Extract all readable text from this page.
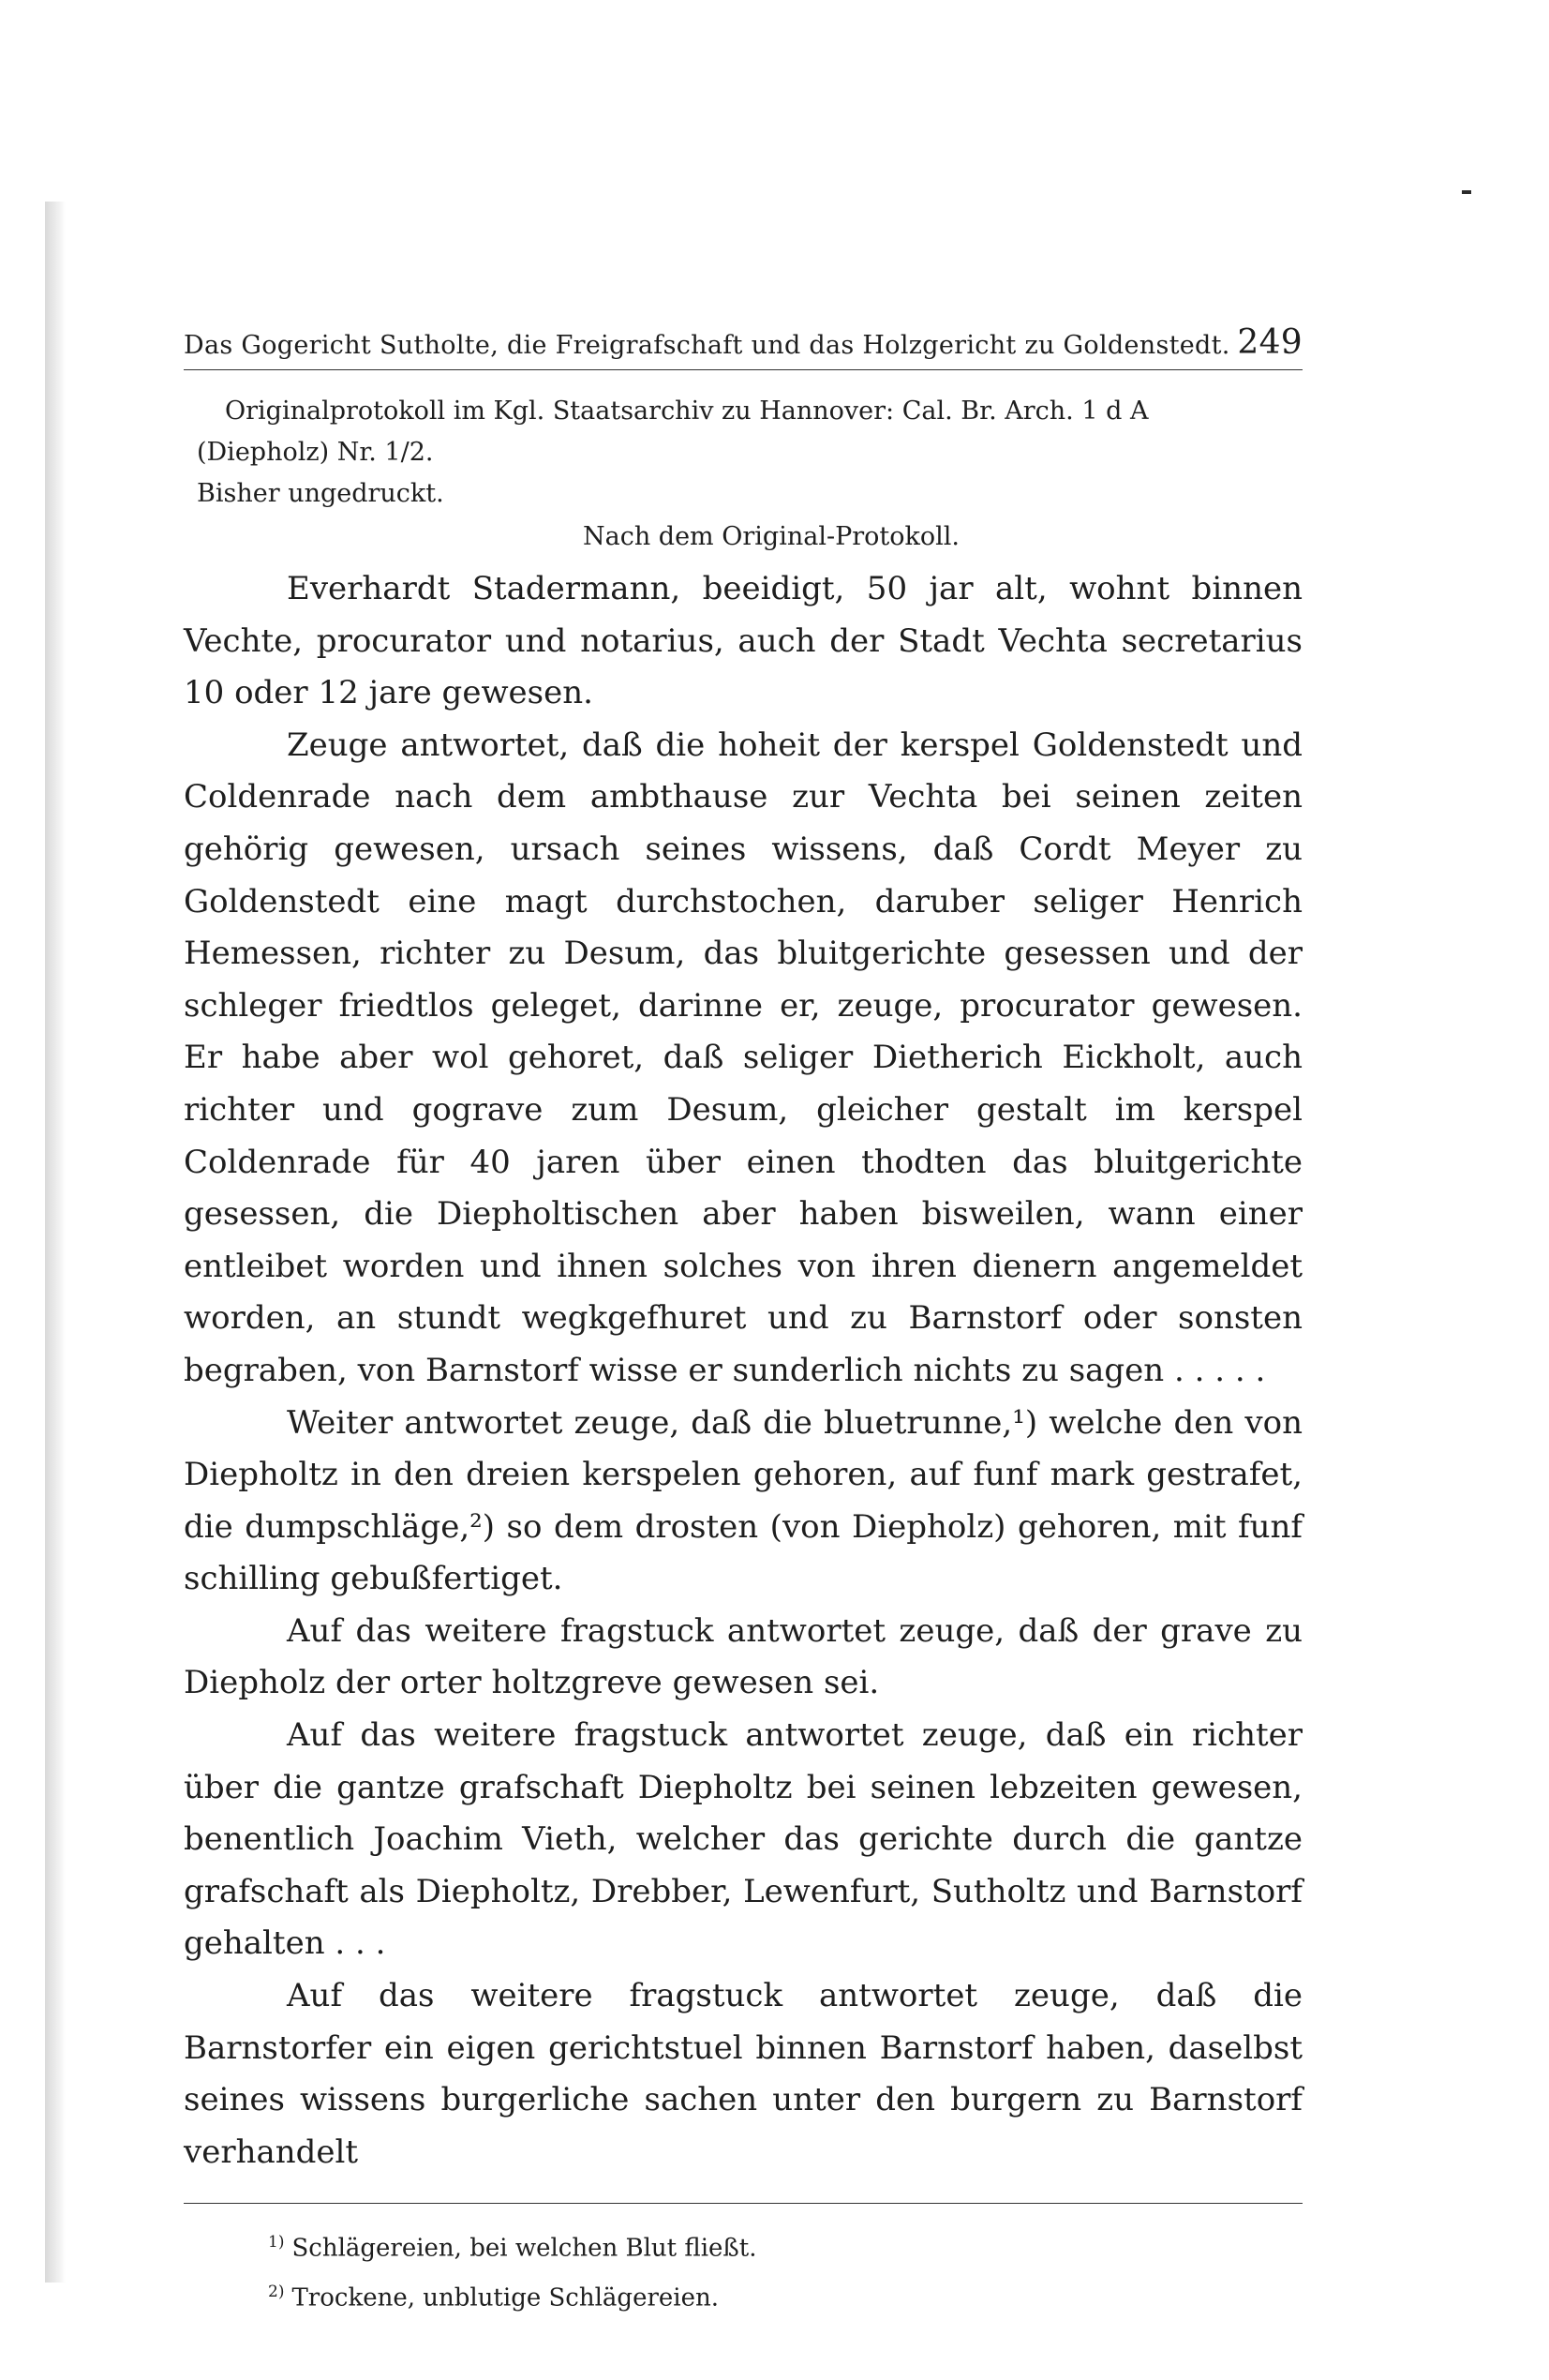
Das Gogericht Sutholte, die Freigrafschaft und das Holzgericht zu Goldenstedt. 249
Originalprotokoll im Kgl. Staatsarchiv zu Hannover: Cal. Br. Arch. 1 d A
(Diepholz) Nr. 1/2.
Bisher ungedruckt.
Nach dem Original-Protokoll.

Everhardt Stadermann, beeidigt, 50 jar alt, wohnt binnen Vechte, procurator und notarius, auch der Stadt Vechta secretarius 10 oder 12 jare gewesen.

Zeuge antwortet, daß die hoheit der kerspel Goldenstedt und Coldenrade nach dem ambthause zur Vechta bei seinen zeiten gehörig gewesen, ursach seines wissens, daß Cordt Meyer zu Goldenstedt eine magt durchstochen, daruber seliger Henrich Hemessen, richter zu Desum, das bluitgerichte gesessen und der schleger friedtlos geleget, darinne er, zeuge, procurator gewesen. Er habe aber wol gehoret, daß seliger Dietherich Eickholt, auch richter und gograve zum Desum, gleicher gestalt im kerspel Coldenrade für 40 jaren über einen thodten das bluitgerichte gesessen, die Diepholtischen aber haben bisweilen, wann einer entleibet worden und ihnen solches von ihren dienern angemeldet worden, an stundt wegkgefhuret und zu Barnstorf oder sonsten begraben, von Barnstorf wisse er sunderlich nichts zu sagen . . . . .

Weiter antwortet zeuge, daß die bluetrunne,¹) welche den von Diepholtz in den dreien kerspelen gehoren, auf funf mark gestrafet, die dumpschläge,²) so dem drosten (von Diepholz) gehoren, mit funf schilling gebußfertiget.

Auf das weitere fragstuck antwortet zeuge, daß der grave zu Diepholz der orter holtzgreve gewesen sei.

Auf das weitere fragstuck antwortet zeuge, daß ein richter über die gantze grafschaft Diepholtz bei seinen lebzeiten gewesen, benentlich Joachim Vieth, welcher das gerichte durch die gantze grafschaft als Diepholtz, Drebber, Lewenfurt, Sutholtz und Barnstorf gehalten . . .

Auf das weitere fragstuck antwortet zeuge, daß die Barnstorfer ein eigen gerichtstuel binnen Barnstorf haben, daselbst seines wissens burgerliche sachen unter den burgern zu Barnstorf verhandelt

$^{1)}$ Schlägereien, bei welchen Blut fließt.
$^{2)}$ Trockene, unblutige Schlägereien.
